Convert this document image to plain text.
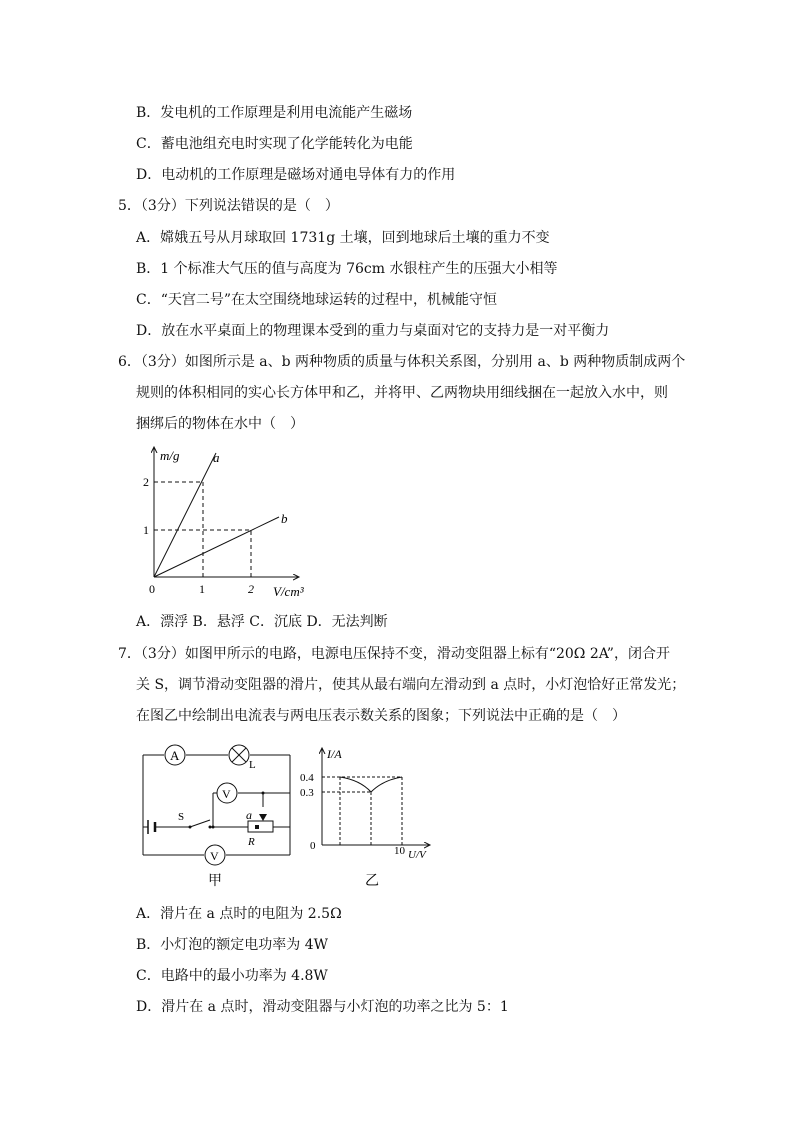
B．发电机的工作原理是利用电流能产生磁场
C．蓄电池组充电时实现了化学能转化为电能
D．电动机的工作原理是磁场对通电导体有力的作用
5．（3分）下列说法错误的是（　）
A．嫦娥五号从月球取回 1731g 土壤，回到地球后土壤的重力不变
B．1 个标准大气压的值与高度为 76cm 水银柱产生的压强大小相等
C．“天宫二号”在太空围绕地球运转的过程中，机械能守恒
D．放在水平桌面上的物理课本受到的重力与桌面对它的支持力是一对平衡力
6．（3分）如图所示是 a、b 两种物质的质量与体积关系图，分别用 a、b 两种物质制成两个
规则的体积相同的实心长方体甲和乙，并将甲、乙两物块用细线捆在一起放入水中，则
捆绑后的物体在水中（　）
m/g	a
b
2
1
0	1	2 V/cm³
A．漂浮 B．悬浮 C．沉底 D．无法判断
7．（3分）如图甲所示的电路，电源电压保持不变，滑动变阻器上标有“20Ω 2A”，闭合开
关 S，调节滑动变阻器的滑片，使其从最右端向左滑动到 a 点时，小灯泡恰好正常发光；
在图乙中绘制出电流表与两电压表示数关系的图象；下列说法中正确的是（　）
A
L
V
V
S	a
R
甲
I/A
0.4
0.3
0	10 U/V
乙
A．滑片在 a 点时的电阻为 2.5Ω
B．小灯泡的额定电功率为 4W
C．电路中的最小功率为 4.8W
D．滑片在 a 点时，滑动变阻器与小灯泡的功率之比为 5：1
